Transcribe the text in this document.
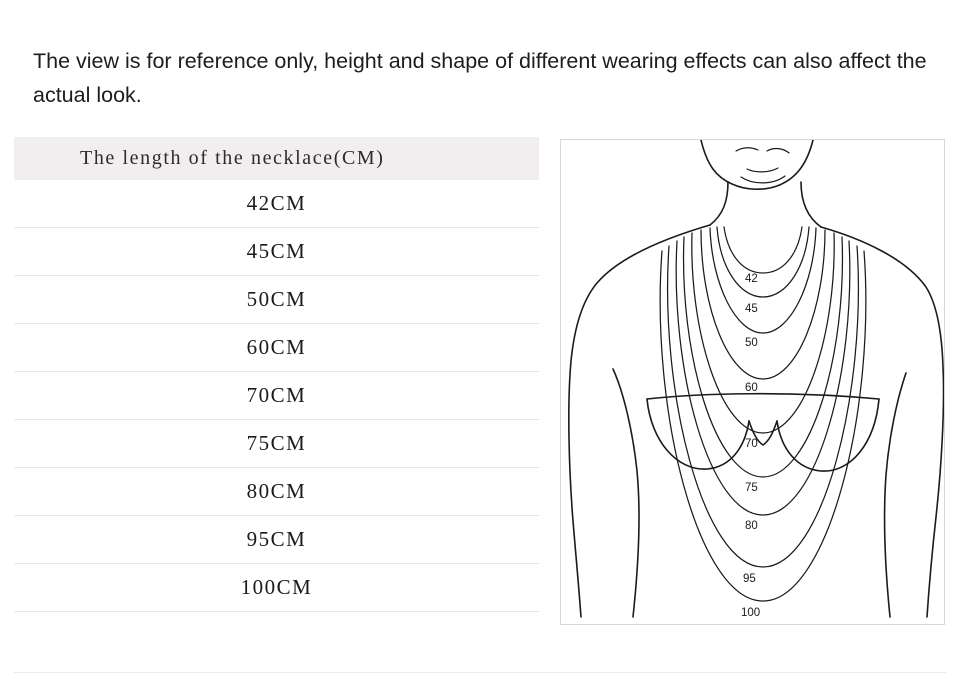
The view is for reference only, height and shape of different wearing effects can also affect the actual look.
The length of the necklace(CM)
42CM
45CM
50CM
60CM
70CM
75CM
80CM
95CM
100CM
42
45
50
60
70
75
80
95
100
